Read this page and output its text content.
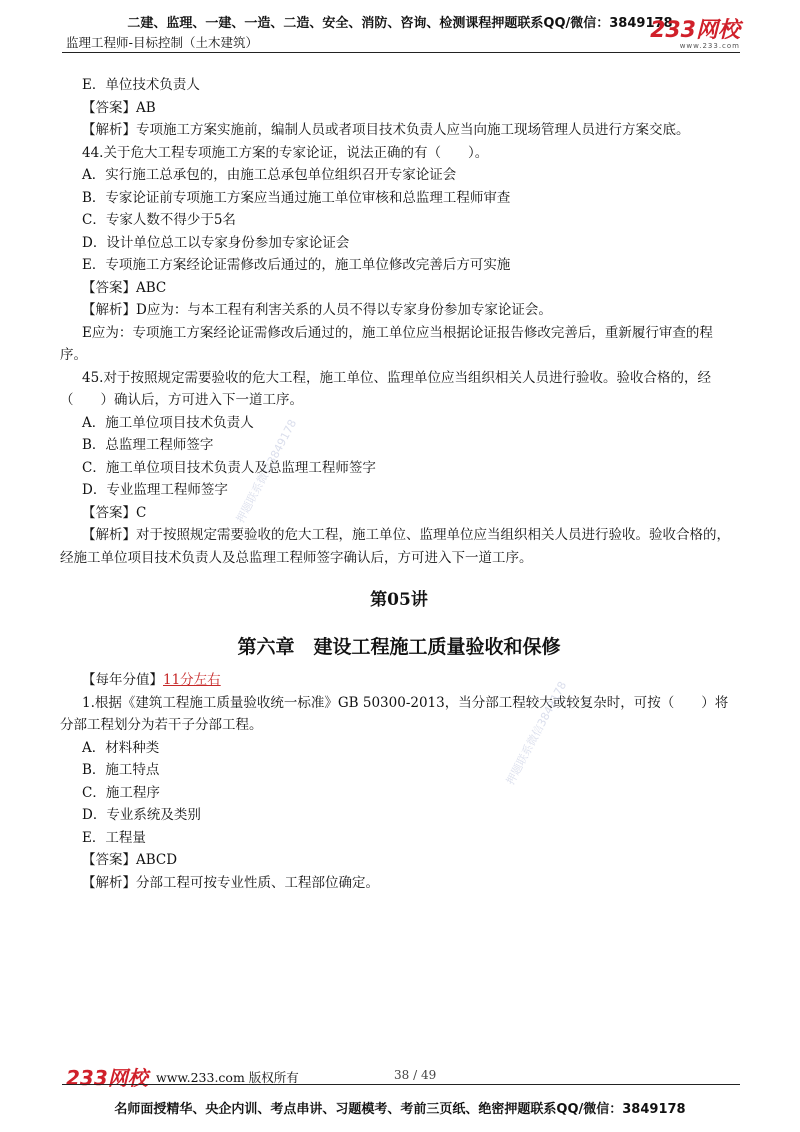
二建、监理、一建、一造、二造、安全、消防、咨询、检测课程押题联系QQ/微信：3849178
监理工程师-目标控制（土木建筑）	233网校
www.233.com

E．单位技术负责人

【答案】AB

【解析】专项施工方案实施前，编制人员或者项目技术负责人应当向施工现场管理人员进行方案交底。

44.关于危大工程专项施工方案的专家论证，说法正确的有（　　）。

A．实行施工总承包的，由施工总承包单位组织召开专家论证会

B．专家论证前专项施工方案应当通过施工单位审核和总监理工程师审查

C．专家人数不得少于5名

D．设计单位总工以专家身份参加专家论证会

E．专项施工方案经论证需修改后通过的，施工单位修改完善后方可实施

【答案】ABC

【解析】D应为：与本工程有利害关系的人员不得以专家身份参加专家论证会。

E应为：专项施工方案经论证需修改后通过的，施工单位应当根据论证报告修改完善后，重新履行审查的程序。

45.对于按照规定需要验收的危大工程，施工单位、监理单位应当组织相关人员进行验收。验收合格的，经（　　）确认后，方可进入下一道工序。

A．施工单位项目技术负责人

B．总监理工程师签字

C．施工单位项目技术负责人及总监理工程师签字

D．专业监理工程师签字

【答案】C

【解析】对于按照规定需要验收的危大工程，施工单位、监理单位应当组织相关人员进行验收。验收合格的，经施工单位项目技术负责人及总监理工程师签字确认后，方可进入下一道工序。

第05讲

第六章　建设工程施工质量验收和保修

【每年分值】11分左右

1.根据《建筑工程施工质量验收统一标准》GB 50300-2013，当分部工程较大或较复杂时，可按（　　）将分部工程划分为若干子分部工程。

A．材料种类

B．施工特点

C．施工程序

D．专业系统及类别

E．工程量

【答案】ABCD

【解析】分部工程可按专业性质、工程部位确定。

押题联系微信3849178
押题联系微信3849178
233网校 www.233.com 版权所有	38 / 49
名师面授精华、央企内训、考点串讲、习题模考、考前三页纸、绝密押题联系QQ/微信：3849178
